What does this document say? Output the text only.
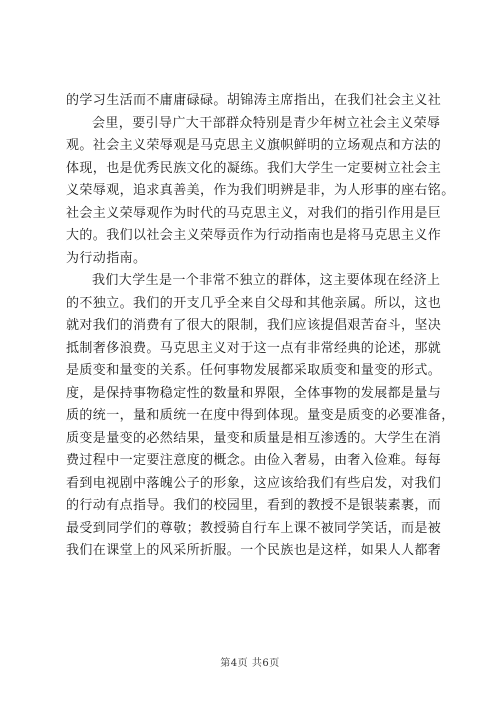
的学习生活而不庸庸碌碌。胡锦涛主席指出，在我们社会主义社
会里，要引导广大干部群众特别是青少年树立社会主义荣辱
观。社会主义荣辱观是马克思主义旗帜鲜明的立场观点和方法的
体现，也是优秀民族文化的凝练。我们大学生一定要树立社会主
义荣辱观，追求真善美，作为我们明辨是非，为人形事的座右铭。
社会主义荣辱观作为时代的马克思主义，对我们的指引作用是巨
大的。我们以社会主义荣辱贡作为行动指南也是将马克思主义作
为行动指南。
我们大学生是一个非常不独立的群体，这主要体现在经济上
的不独立。我们的开支几乎全来自父母和其他亲属。所以，这也
就对我们的消费有了很大的限制，我们应该提倡艰苦奋斗，坚决
抵制奢侈浪费。马克思主义对于这一点有非常经典的论述，那就
是质变和量变的关系。任何事物发展都采取质变和量变的形式。
度，是保持事物稳定性的数量和界限，全体事物的发展都是量与
质的统一，量和质统一在度中得到体现。量变是质变的必要准备，
质变是量变的必然结果，量变和质量是相互渗透的。大学生在消
费过程中一定要注意度的概念。由俭入奢易，由奢入俭难。每每
看到电视剧中落魄公子的形象，这应该给我们有些启发，对我们
的行动有点指导。我们的校园里，看到的教授不是银装素裹，而
最受到同学们的尊敬；教授骑自行车上课不被同学笑话，而是被
我们在课堂上的风采所折服。一个民族也是这样，如果人人都奢
第4页 共6页
